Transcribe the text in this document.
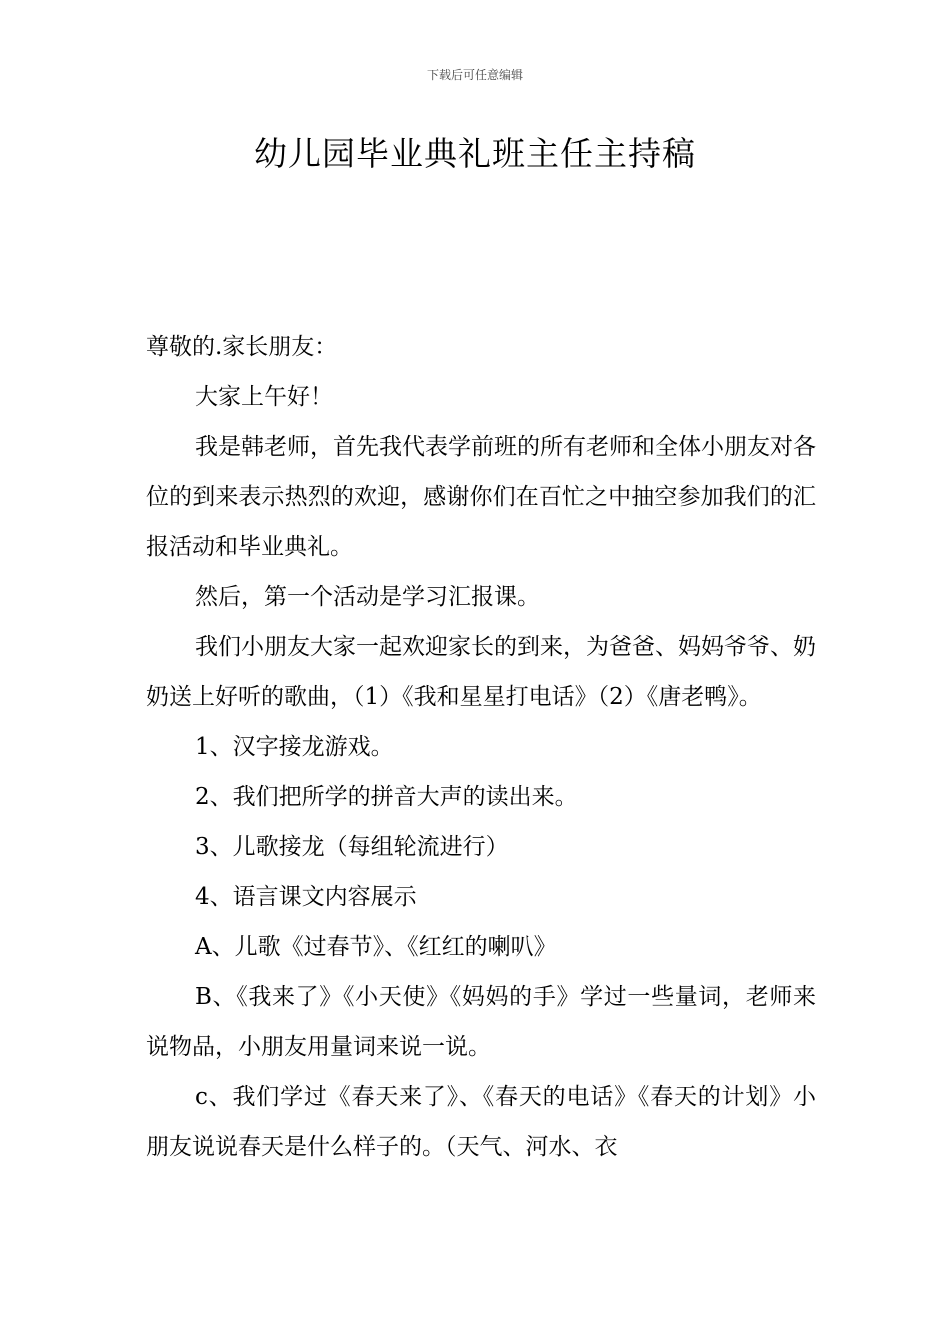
下载后可任意编辑
幼儿园毕业典礼班主任主持稿

尊敬的.家长朋友：

大家上午好！

我是韩老师，首先我代表学前班的所有老师和全体小朋友对各位的到来表示热烈的欢迎，感谢你们在百忙之中抽空参加我们的汇报活动和毕业典礼。

然后，第一个活动是学习汇报课。

我们小朋友大家一起欢迎家长的到来，为爸爸、妈妈爷爷、奶奶送上好听的歌曲，（1）《我和星星打电话》（2）《唐老鸭》。

1、汉字接龙游戏。

2、我们把所学的拼音大声的读出来。

3、儿歌接龙（每组轮流进行）

4、语言课文内容展示

A、儿歌《过春节》、《红红的喇叭》

B、《我来了》《小天使》《妈妈的手》学过一些量词，老师来说物品，小朋友用量词来说一说。

c、我们学过《春天来了》、《春天的电话》《春天的计划》小朋友说说春天是什么样子的。（天气、河水、衣
